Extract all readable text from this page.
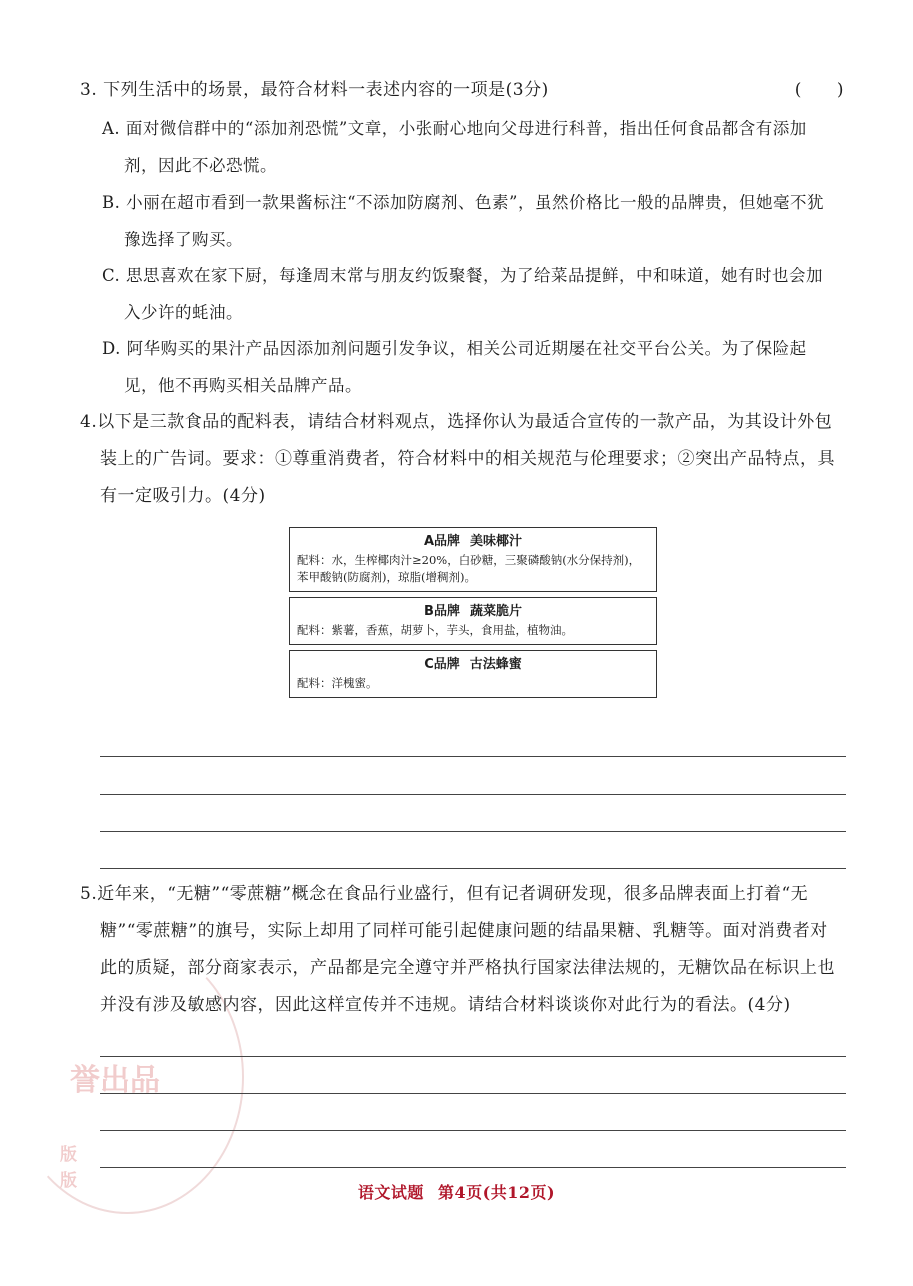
誉出品
版
版
3. 下列生活中的场景，最符合材料一表述内容的一项是(3分)	(　　)
A. 面对微信群中的“添加剂恐慌”文章，小张耐心地向父母进行科普，指出任何食品都含有添加
剂，因此不必恐慌。
B. 小丽在超市看到一款果酱标注“不添加防腐剂、色素”，虽然价格比一般的品牌贵，但她毫不犹
豫选择了购买。
C. 思思喜欢在家下厨，每逢周末常与朋友约饭聚餐，为了给菜品提鲜，中和味道，她有时也会加
入少许的蚝油。
D. 阿华购买的果汁产品因添加剂问题引发争议，相关公司近期屡在社交平台公关。为了保险起
见，他不再购买相关品牌产品。
4.以下是三款食品的配料表，请结合材料观点，选择你认为最适合宣传的一款产品，为其设计外包
装上的广告词。要求：①尊重消费者，符合材料中的相关规范与伦理要求；②突出产品特点，具
有一定吸引力。(4分)
A品牌 美味椰汁
配料：水，生榨椰肉汁≥20%，白砂糖，三聚磷酸钠(水分保持剂)，苯甲酸钠(防腐剂)，琼脂(增稠剂)。
B品牌 蔬菜脆片
配料：紫薯，香蕉，胡萝卜，芋头，食用盐，植物油。
C品牌 古法蜂蜜
配料：洋槐蜜。
5.近年来，“无糖”“零蔗糖”概念在食品行业盛行，但有记者调研发现，很多品牌表面上打着“无
糖”“零蔗糖”的旗号，实际上却用了同样可能引起健康问题的结晶果糖、乳糖等。面对消费者对
此的质疑，部分商家表示，产品都是完全遵守并严格执行国家法律法规的，无糖饮品在标识上也
并没有涉及敏感内容，因此这样宣传并不违规。请结合材料谈谈你对此行为的看法。(4分)
语文试题 第4页(共12页)
